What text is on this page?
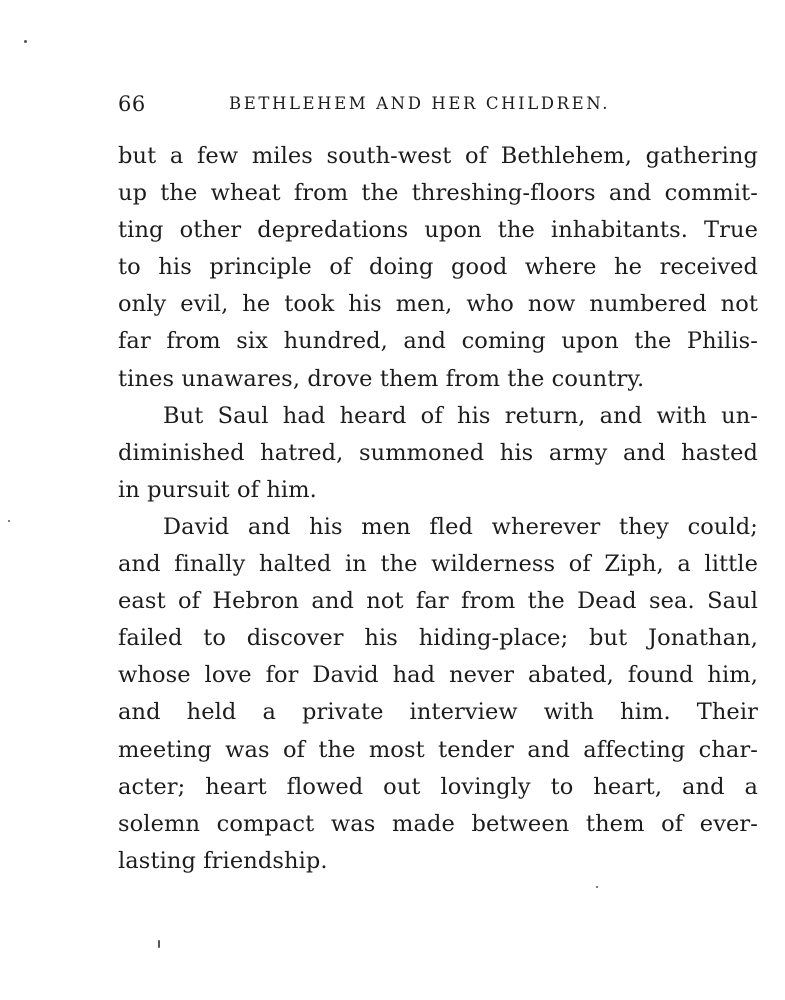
66	BETHLEHEM AND HER CHILDREN.
but a few miles south-west of Bethlehem, gathering
up the wheat from the threshing-floors and commit-
ting other depredations upon the inhabitants. True
to his principle of doing good where he received
only evil, he took his men, who now numbered not
far from six hundred, and coming upon the Philis-
tines unawares, drove them from the country.
But Saul had heard of his return, and with un-
diminished hatred, summoned his army and hasted
in pursuit of him.
David and his men fled wherever they could;
and finally halted in the wilderness of Ziph, a little
east of Hebron and not far from the Dead sea. Saul
failed to discover his hiding-place; but Jonathan,
whose love for David had never abated, found him,
and held a private interview with him. Their
meeting was of the most tender and affecting char-
acter; heart flowed out lovingly to heart, and a
solemn compact was made between them of ever-
lasting friendship.
